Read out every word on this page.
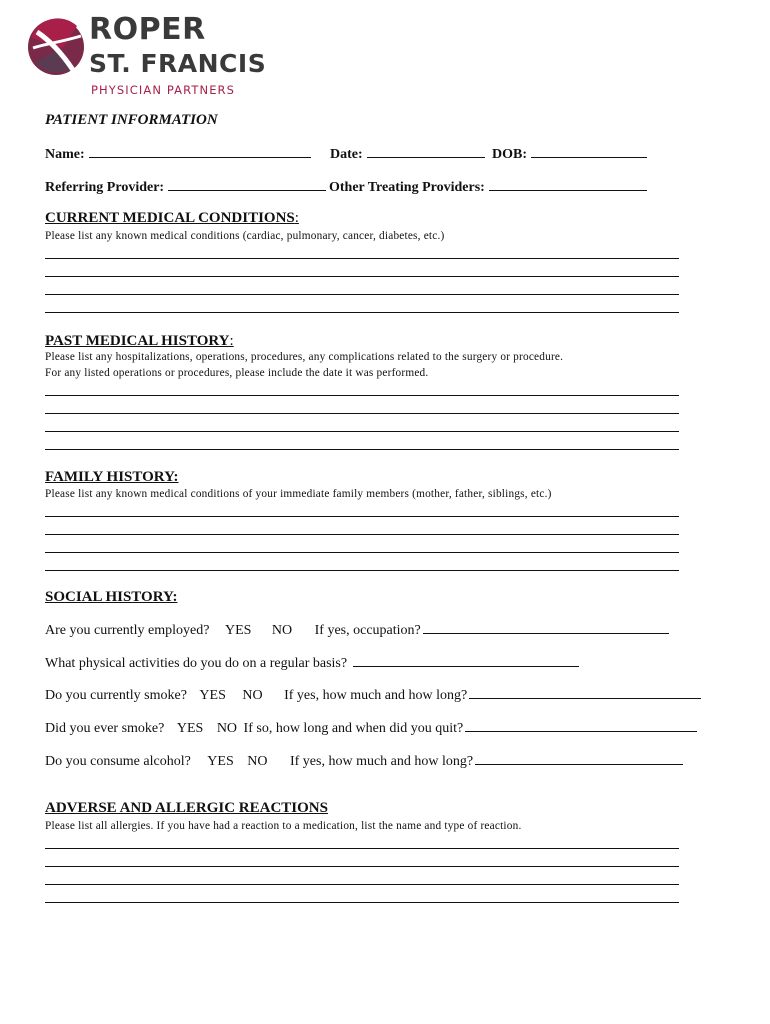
ROPER
ST. FRANCIS
PHYSICIAN PARTNERS
PATIENT INFORMATION
Name:	Date:	DOB:
Referring Provider:	Other Treating Providers:
CURRENT MEDICAL CONDITIONS:
Please list any known medical conditions (cardiac, pulmonary, cancer, diabetes, etc.)
PAST MEDICAL HISTORY:
Please list any hospitalizations, operations, procedures, any complications related to the surgery or procedure.
For any listed operations or procedures, please include the date it was performed.
FAMILY HISTORY:
Please list any known medical conditions of your immediate family members (mother, father, siblings, etc.)
SOCIAL HISTORY:
Are you currently employed? YES NO If yes, occupation?
What physical activities do you do on a regular basis?
Do you currently smoke? YES NO If yes, how much and how long?
Did you ever smoke? YES NO If so, how long and when did you quit?
Do you consume alcohol? YES NO If yes, how much and how long?
ADVERSE AND ALLERGIC REACTIONS
Please list all allergies. If you have had a reaction to a medication, list the name and type of reaction.
